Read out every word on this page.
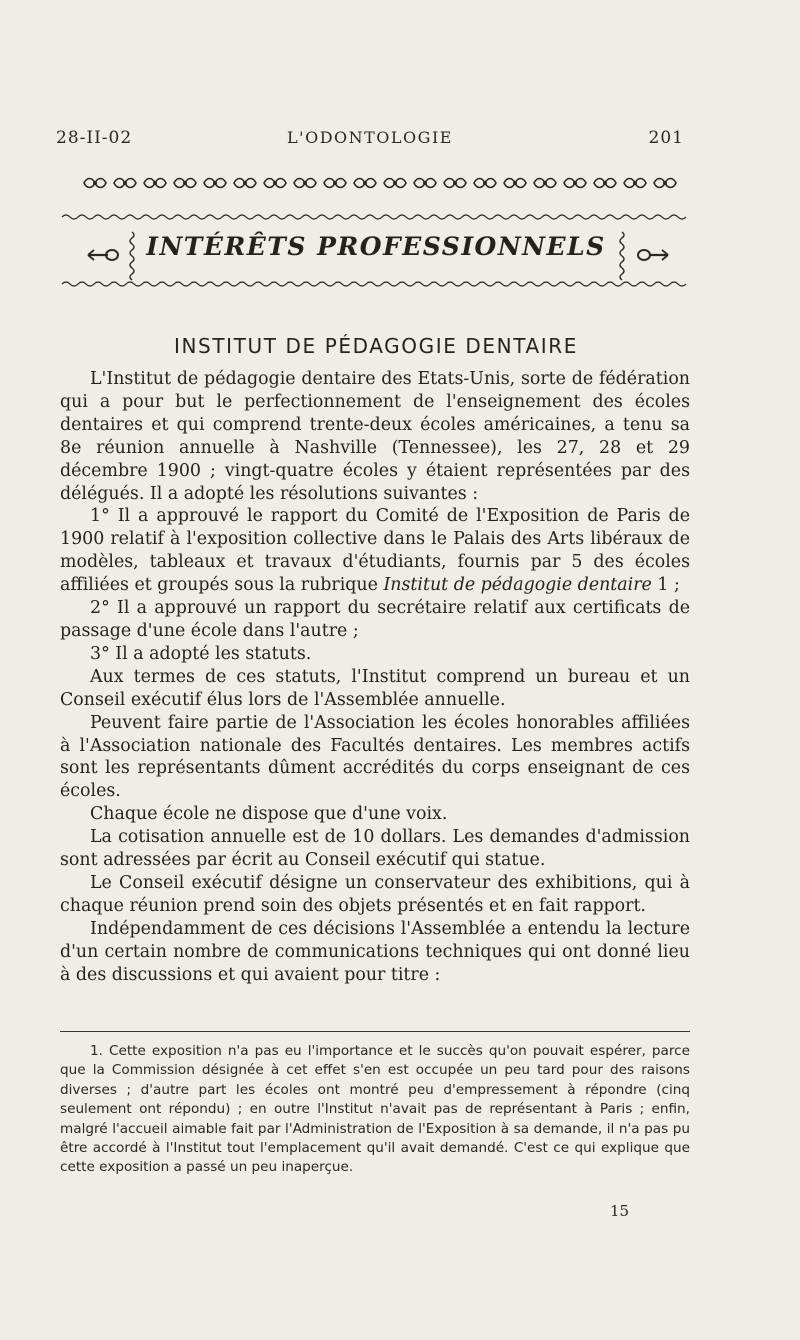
28-II-02	L'ODONTOLOGIE	201
INTÉRÊTS PROFESSIONNELS
INSTITUT DE PÉDAGOGIE DENTAIRE

L'Institut de pédagogie dentaire des Etats-Unis, sorte de fédération qui a pour but le perfectionnement de l'enseignement des écoles dentaires et qui comprend trente-deux écoles américaines, a tenu sa 8e réunion annuelle à Nashville (Tennessee), les 27, 28 et 29 décembre 1900 ; vingt-quatre écoles y étaient représentées par des délégués. Il a adopté les résolutions suivantes :

1° Il a approuvé le rapport du Comité de l'Exposition de Paris de 1900 relatif à l'exposition collective dans le Palais des Arts libéraux de modèles, tableaux et travaux d'étudiants, fournis par 5 des écoles affiliées et groupés sous la rubrique Institut de pédagogie dentaire 1 ;

2° Il a approuvé un rapport du secrétaire relatif aux certificats de passage d'une école dans l'autre ;

3° Il a adopté les statuts.

Aux termes de ces statuts, l'Institut comprend un bureau et un Conseil exécutif élus lors de l'Assemblée annuelle.

Peuvent faire partie de l'Association les écoles honorables affiliées à l'Association nationale des Facultés dentaires. Les membres actifs sont les représentants dûment accrédités du corps enseignant de ces écoles.

Chaque école ne dispose que d'une voix.

La cotisation annuelle est de 10 dollars. Les demandes d'admission sont adressées par écrit au Conseil exécutif qui statue.

Le Conseil exécutif désigne un conservateur des exhibitions, qui à chaque réunion prend soin des objets présentés et en fait rapport.

Indépendamment de ces décisions l'Assemblée a entendu la lecture d'un certain nombre de communications techniques qui ont donné lieu à des discussions et qui avaient pour titre :

1. Cette exposition n'a pas eu l'importance et le succès qu'on pouvait espérer, parce que la Commission désignée à cet effet s'en est occupée un peu tard pour des raisons diverses ; d'autre part les écoles ont montré peu d'empressement à répondre (cinq seulement ont répondu) ; en outre l'Institut n'avait pas de représentant à Paris ; enfin, malgré l'accueil aimable fait par l'Administration de l'Exposition à sa demande, il n'a pas pu être accordé à l'Institut tout l'emplacement qu'il avait demandé. C'est ce qui explique que cette exposition a passé un peu inaperçue.
15
